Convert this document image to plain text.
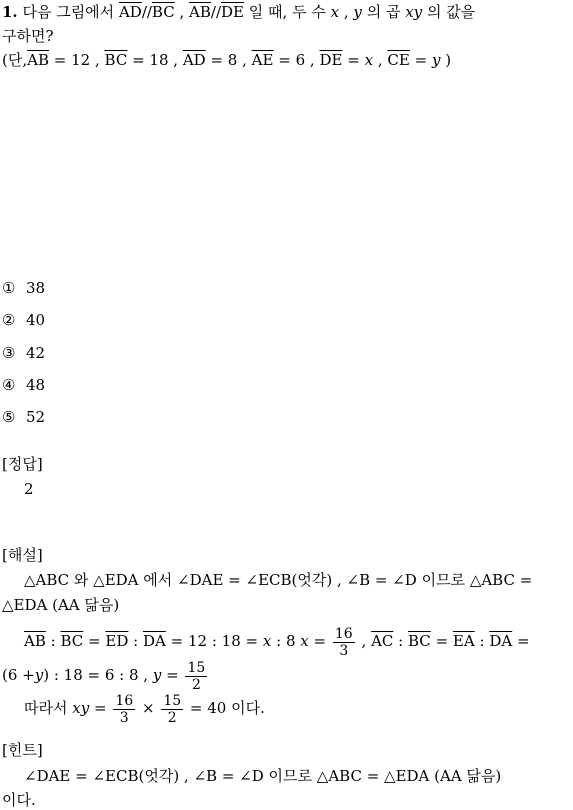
1. 다음 그림에서 $\overline{AD}//\overline{BC}$ , $\overline{AB}//\overline{DE}$ 일 때, 두 수 x , y 의 곱 xy 의 값을
구하면?
(단$,\overline{AB} = 12$ , $\overline{BC} = 18$ , $\overline{AD} = 8$ , $\overline{AE} = 6$ , $\overline{DE} = x$ , $\overline{CE} = y$ )
① 38
② 40
③ 42
④ 48
⑤ 52
[정답]
2
[해설]
△ABC 와 △EDA 에서 ∠DAE = ∠ECB(엇각) , ∠B = ∠D 이므로 △ABC =
△EDA (AA 닮음)
$\overline{AB}$ : $\overline{BC} = \overline{ED}$ : $\overline{DA} = 12$ : 18 = x : 8 $x = \frac{16}{3}$ , $\overline{AC}$ : $\overline{BC} = \overline{EA}$ : $\overline{DA}$ =
(6 +y) : 18 = 6 : 8 , $y = \frac{15}{2}$
따라서 xy = $\frac{16}{3} \times \frac{15}{2} = 40$ 이다.
[힌트]
∠DAE = ∠ECB(엇각) , ∠B = ∠D 이므로 △ABC = △EDA (AA 닮음)
이다.
